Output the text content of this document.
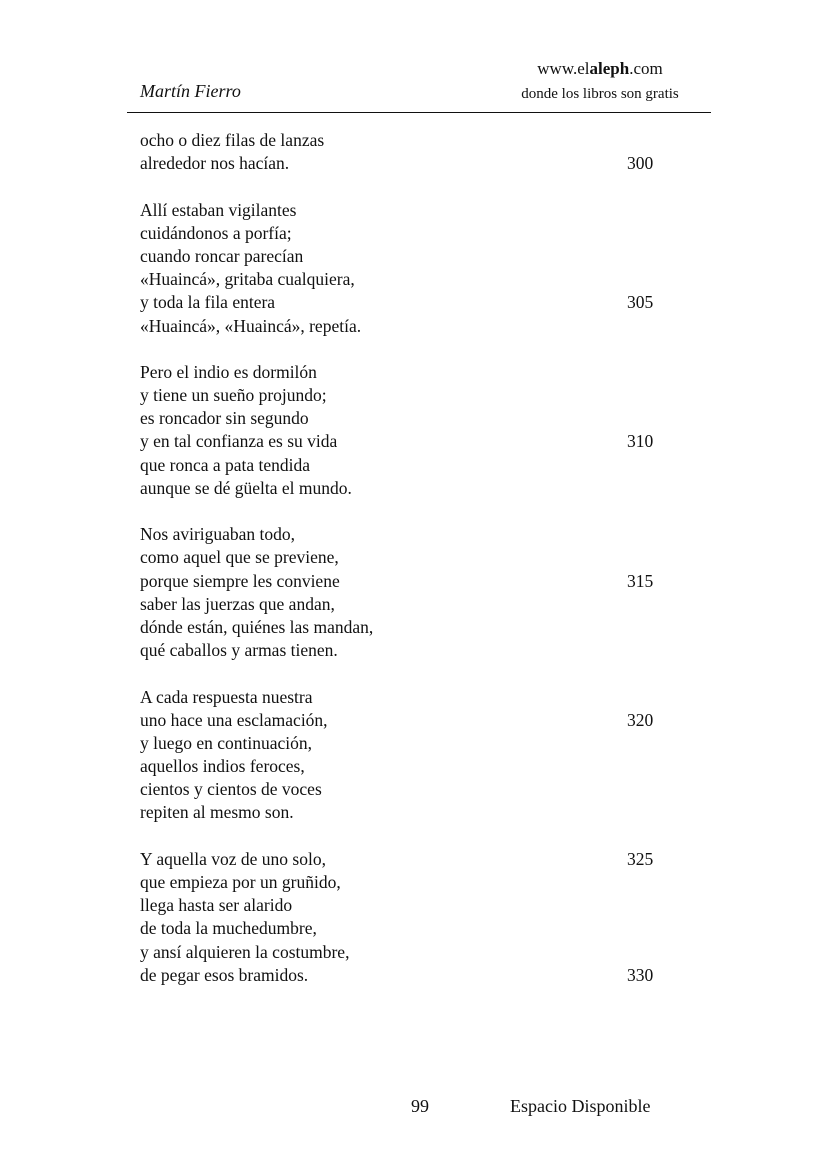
Martín Fierro
www.elaleph.com
donde los libros son gratis
ocho o diez filas de lanzas
alrededor nos hacían.	300
Allí estaban vigilantes
cuidándonos a porfía;
cuando roncar parecían
«Huaincá», gritaba cualquiera,
y toda la fila entera	305
«Huaincá», «Huaincá», repetía.
Pero el indio es dormilón
y tiene un sueño projundo;
es roncador sin segundo
y en tal confianza es su vida	310
que ronca a pata tendida
aunque se dé güelta el mundo.
Nos aviriguaban todo,
como aquel que se previene,
porque siempre les conviene	315
saber las juerzas que andan,
dónde están, quiénes las mandan,
qué caballos y armas tienen.
A cada respuesta nuestra
uno hace una esclamación,	320
y luego en continuación,
aquellos indios feroces,
cientos y cientos de voces
repiten al mesmo son.
Y aquella voz de uno solo,	325
que empieza por un gruñido,
llega hasta ser alarido
de toda la muchedumbre,
y ansí alquieren la costumbre,
de pegar esos bramidos.	330
99	Espacio Disponible
